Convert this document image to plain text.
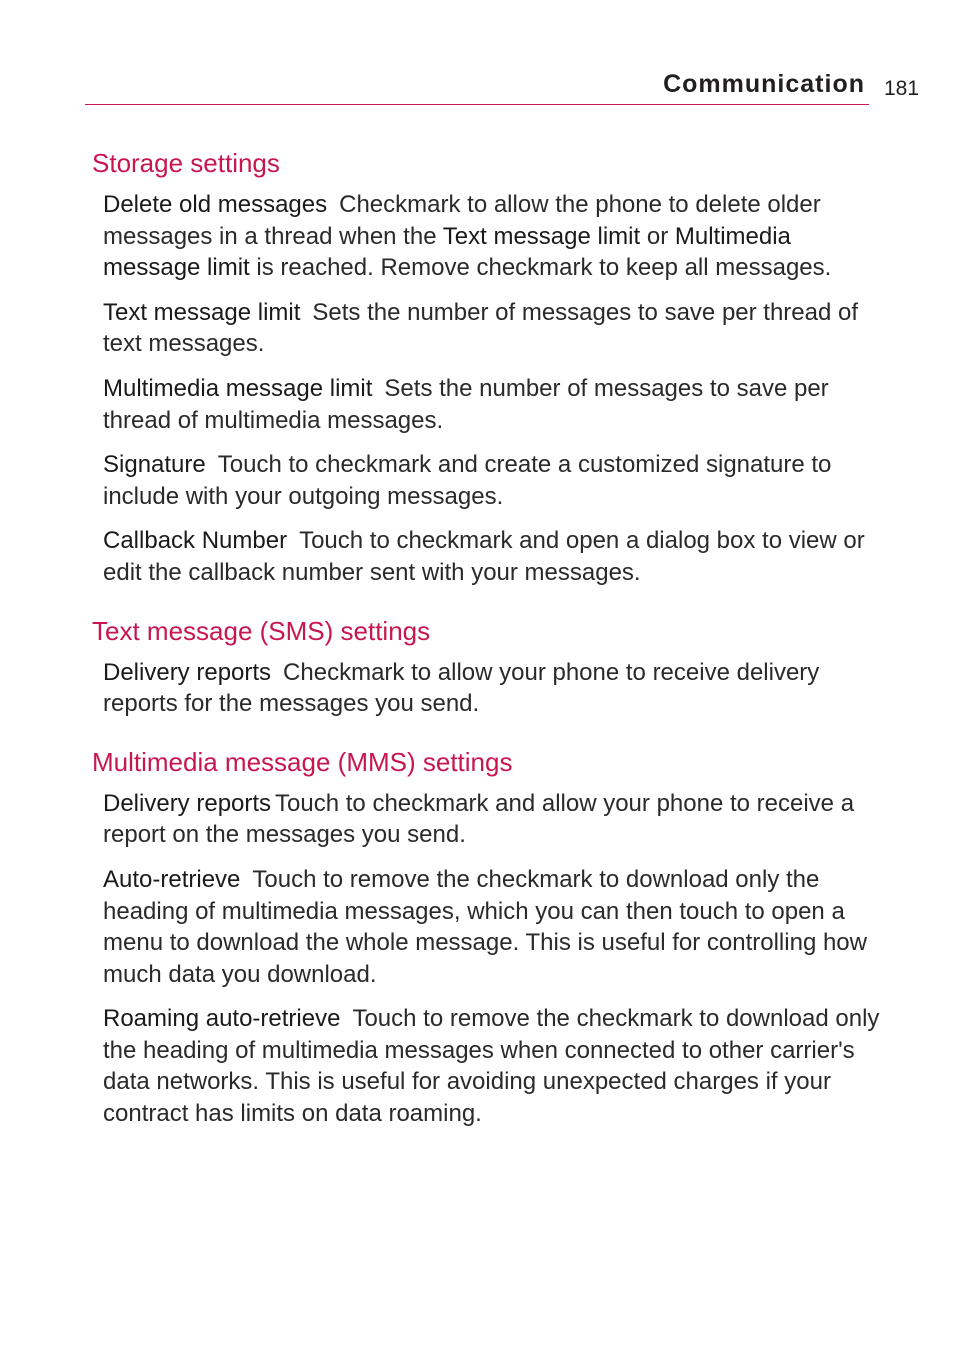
Communication 181
Storage settings

Delete old messages Checkmark to allow the phone to delete older messages in a thread when the Text message limit or Multimedia message limit is reached. Remove checkmark to keep all messages.

Text message limit Sets the number of messages to save per thread of text messages.

Multimedia message limit Sets the number of messages to save per thread of multimedia messages.

Signature Touch to checkmark and create a customized signature to include with your outgoing messages.

Callback Number Touch to checkmark and open a dialog box to view or edit the callback number sent with your messages.

Text message (SMS) settings

Delivery reports Checkmark to allow your phone to receive delivery reports for the messages you send.

Multimedia message (MMS) settings

Delivery reports Touch to checkmark and allow your phone to receive a report on the messages you send.

Auto-retrieve Touch to remove the checkmark to download only the heading of multimedia messages, which you can then touch to open a menu to download the whole message. This is useful for controlling how much data you download.

Roaming auto-retrieve Touch to remove the checkmark to download only the heading of multimedia messages when connected to other carrier's data networks. This is useful for avoiding unexpected charges if your contract has limits on data roaming.
